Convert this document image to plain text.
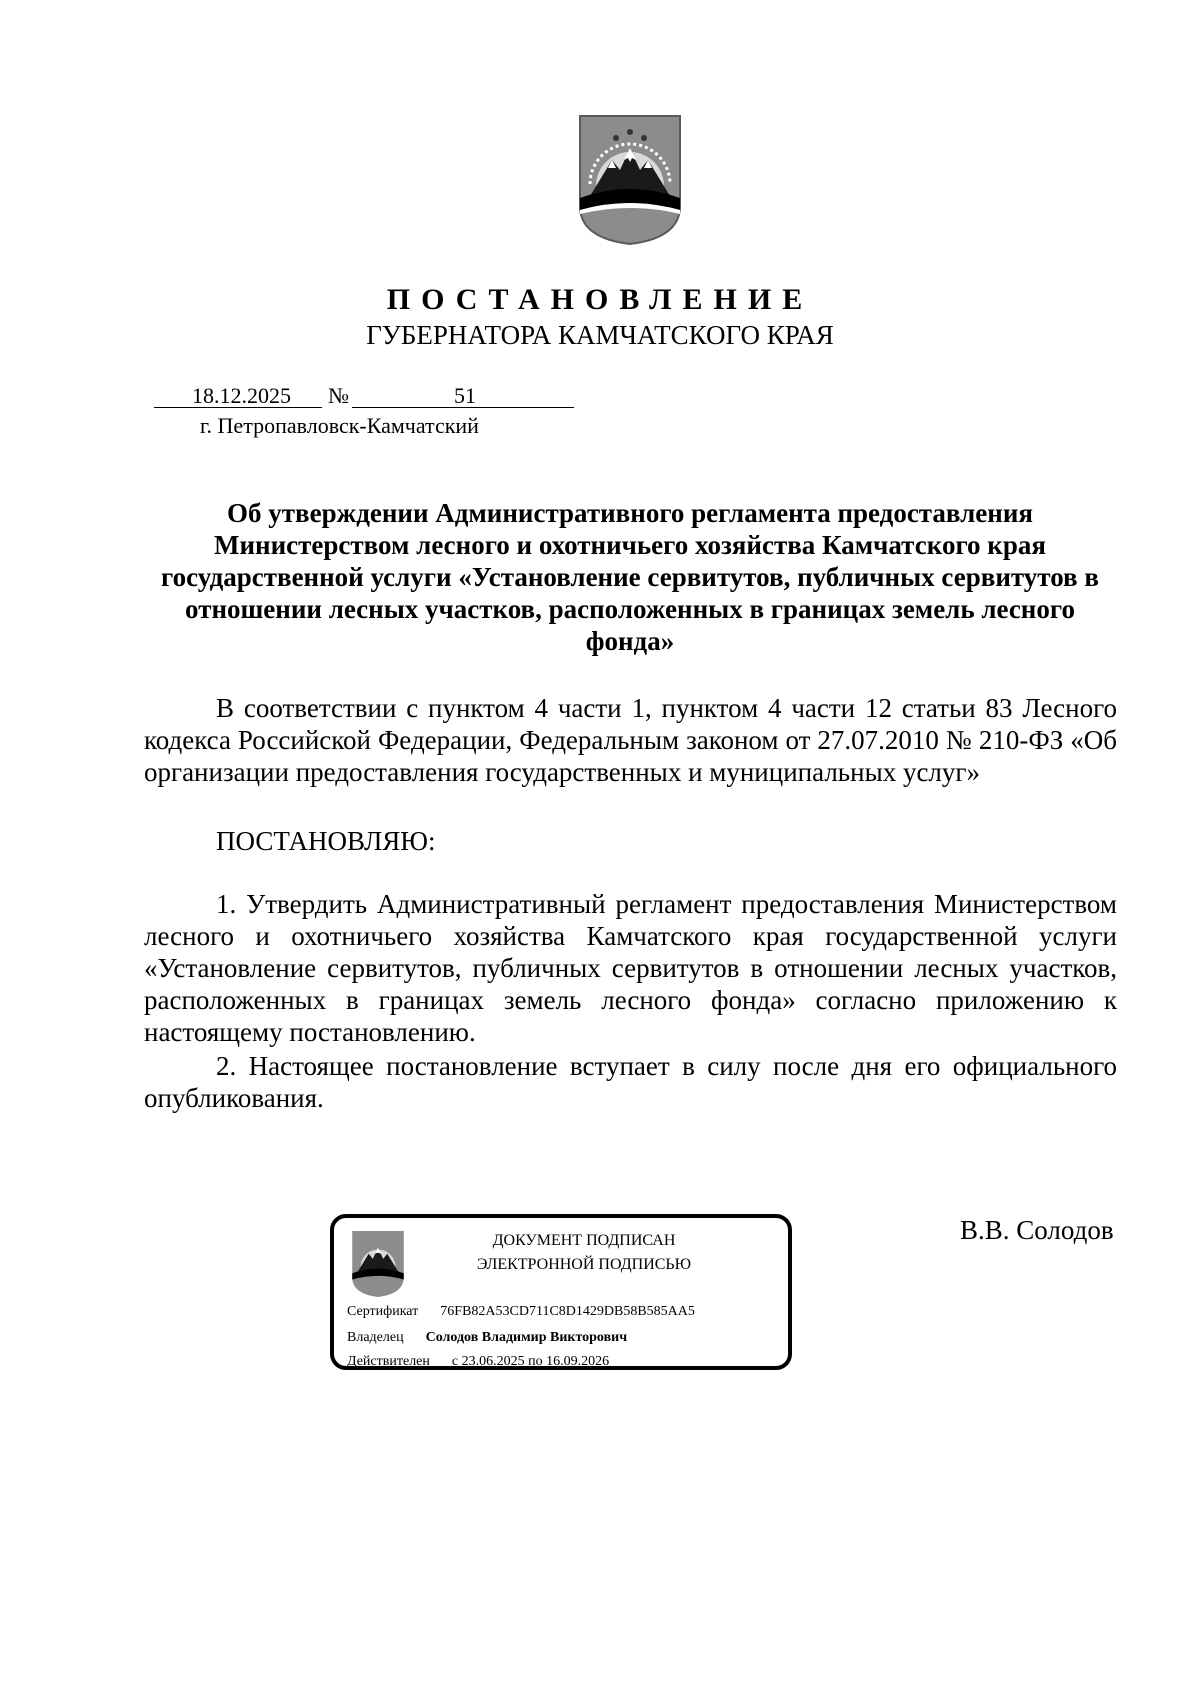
ПОСТАНОВЛЕНИЕ
ГУБЕРНАТОРА КАМЧАТСКОГО КРАЯ
18.12.2025 №	51
г. Петропавловск-Камчатский
Об утверждении Административного регламента предоставления Министерством лесного и охотничьего хозяйства Камчатского края государственной услуги «Установление сервитутов, публичных сервитутов в отношении лесных участков, расположенных в границах земель лесного фонда»
В соответствии с пунктом 4 части 1, пунктом 4 части 12 статьи 83 Лесного кодекса Российской Федерации, Федеральным законом от 27.07.2010 № 210-ФЗ «Об организации предоставления государственных и муниципальных услуг»
ПОСТАНОВЛЯЮ:
1. Утвердить Административный регламент предоставления Министерством лесного и охотничьего хозяйства Камчатского края государственной услуги «Установление сервитутов, публичных сервитутов в отношении лесных участков, расположенных в границах земель лесного фонда» согласно приложению к настоящему постановлению.
2. Настоящее постановление вступает в силу после дня его официального опубликования.
ДОКУМЕНТ ПОДПИСАН
ЭЛЕКТРОННОЙ ПОДПИСЬЮ
Сертификат 76FB82A53CD711C8D1429DB58B585AA5
Владелец Солодов Владимир Викторович
Действителен с 23.06.2025 по 16.09.2026
В.В. Солодов
